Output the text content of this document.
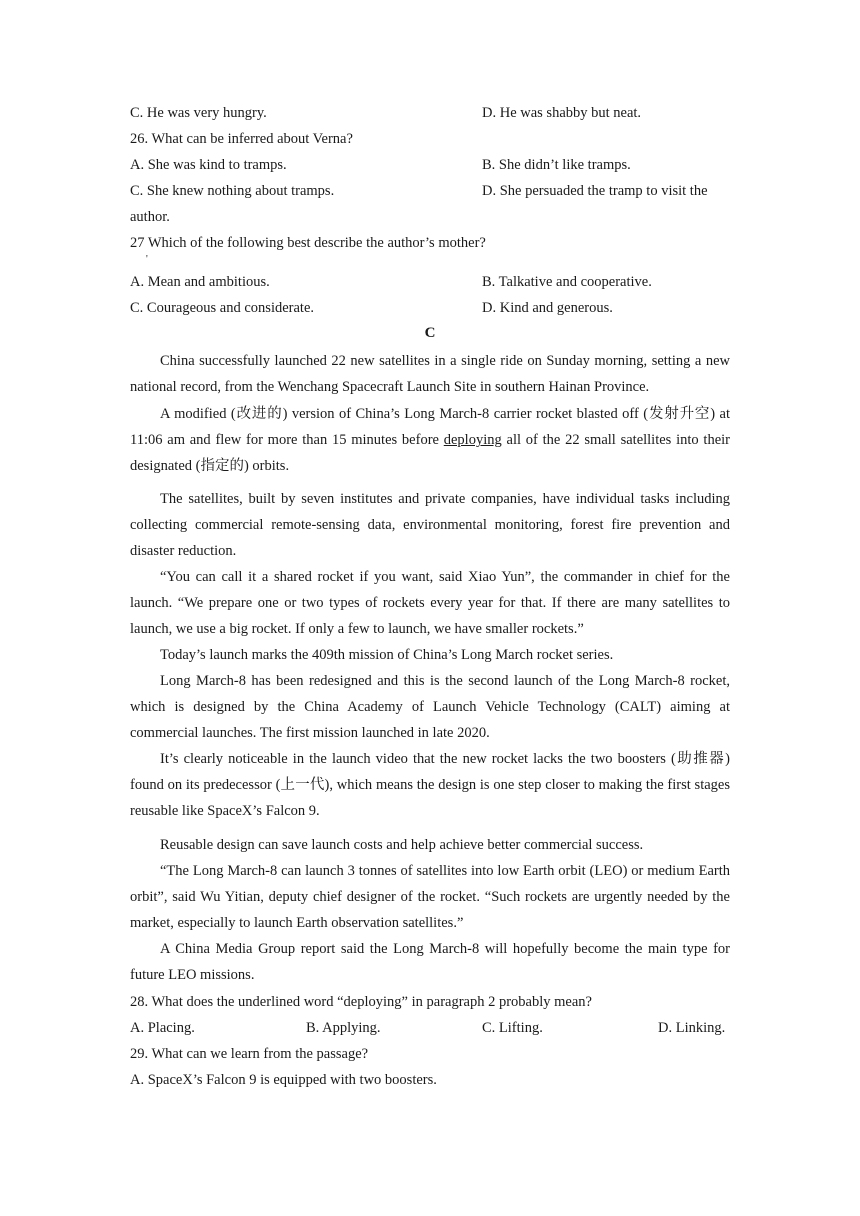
C. He was very hungry.	D. He was shabby but neat.
26. What can be inferred about Verna?
A. She was kind to tramps.	B. She didn’t like tramps.
C. She knew nothing about tramps.	D. She persuaded the tramp to visit the
author.
27 Which of the following best describe the author’s mother?
'
A. Mean and ambitious.	B. Talkative and cooperative.
C. Courageous and considerate.	D. Kind and generous.
C
China successfully launched 22 new satellites in a single ride on Sunday morning, setting a new national record, from the Wenchang Spacecraft Launch Site in southern Hainan Province.
A modified (改进的) version of China’s Long March-8 carrier rocket blasted off (发射升空) at 11:06 am and flew for more than 15 minutes before deploying all of the 22 small satellites into their designated (指定的) orbits.
The satellites, built by seven institutes and private companies, have individual tasks including collecting commercial remote-sensing data, environmental monitoring, forest fire prevention and disaster reduction.
“You can call it a shared rocket if you want, said Xiao Yun”, the commander in chief for the launch. “We prepare one or two types of rockets every year for that. If there are many satellites to launch, we use a big rocket. If only a few to launch, we have smaller rockets.”
Today’s launch marks the 409th mission of China’s Long March rocket series.
Long March-8 has been redesigned and this is the second launch of the Long March-8 rocket, which is designed by the China Academy of Launch Vehicle Technology (CALT) aiming at commercial launches. The first mission launched in late 2020.
It’s clearly noticeable in the launch video that the new rocket lacks the two boosters (助推器) found on its predecessor (上一代), which means the design is one step closer to making the first stages reusable like SpaceX’s Falcon 9.
Reusable design can save launch costs and help achieve better commercial success.
“The Long March-8 can launch 3 tonnes of satellites into low Earth orbit (LEO) or medium Earth orbit”, said Wu Yitian, deputy chief designer of the rocket. “Such rockets are urgently needed by the market, especially to launch Earth observation satellites.”
A China Media Group report said the Long March-8 will hopefully become the main type for future LEO missions.
28. What does the underlined word “deploying” in paragraph 2 probably mean?
A. Placing.	B. Applying.	C. Lifting.	D. Linking.
29. What can we learn from the passage?
A. SpaceX’s Falcon 9 is equipped with two boosters.
